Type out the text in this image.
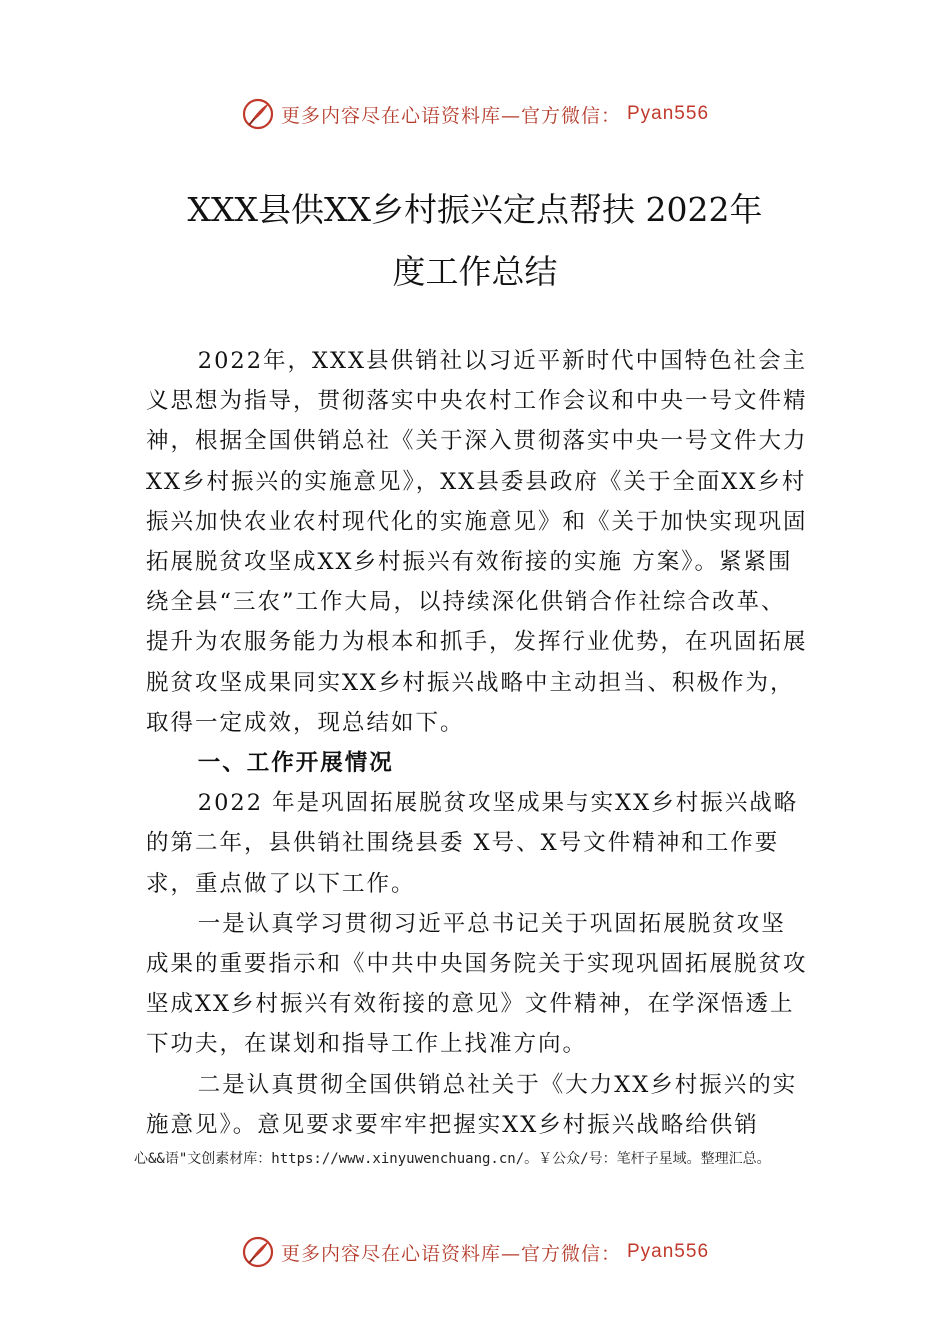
更多内容尽在心语资料库—官方微信： Pyan556
XXX县供XX乡村振兴定点帮扶 2022年
度工作总结

2022年，XXX县供销社以习近平新时代中国特色社会主义思想为指导，贯彻落实中央农村工作会议和中央一号文件精神，根据全国供销总社《关于深入贯彻落实中央一号文件大力XX乡村振兴的实施意见》，XX县委县政府《关于全面XX乡村振兴加快农业农村现代化的实施意见》和《关于加快实现巩固拓展脱贫攻坚成XX乡村振兴有效衔接的实施 方案》。紧紧围绕全县“三农”工作大局，以持续深化供销合作社综合改革、提升为农服务能力为根本和抓手，发挥行业优势，在巩固拓展脱贫攻坚成果同实XX乡村振兴战略中主动担当、积极作为，取得一定成效，现总结如下。

一、工作开展情况

2022 年是巩固拓展脱贫攻坚成果与实XX乡村振兴战略的第二年，县供销社围绕县委 X号、X号文件精神和工作要求，重点做了以下工作。

一是认真学习贯彻习近平总书记关于巩固拓展脱贫攻坚成果的重要指示和《中共中央国务院关于实现巩固拓展脱贫攻坚成XX乡村振兴有效衔接的意见》文件精神，在学深悟透上下功夫，在谋划和指导工作上找准方向。

二是认真贯彻全国供销总社关于《大力XX乡村振兴的实施意见》。意见要求要牢牢把握实XX乡村振兴战略给供销

心&&语"文创素材库：https://www.xinyuwenchuang.cn/。￥公众/号：笔杆子星域。整理汇总。
更多内容尽在心语资料库—官方微信： Pyan556
